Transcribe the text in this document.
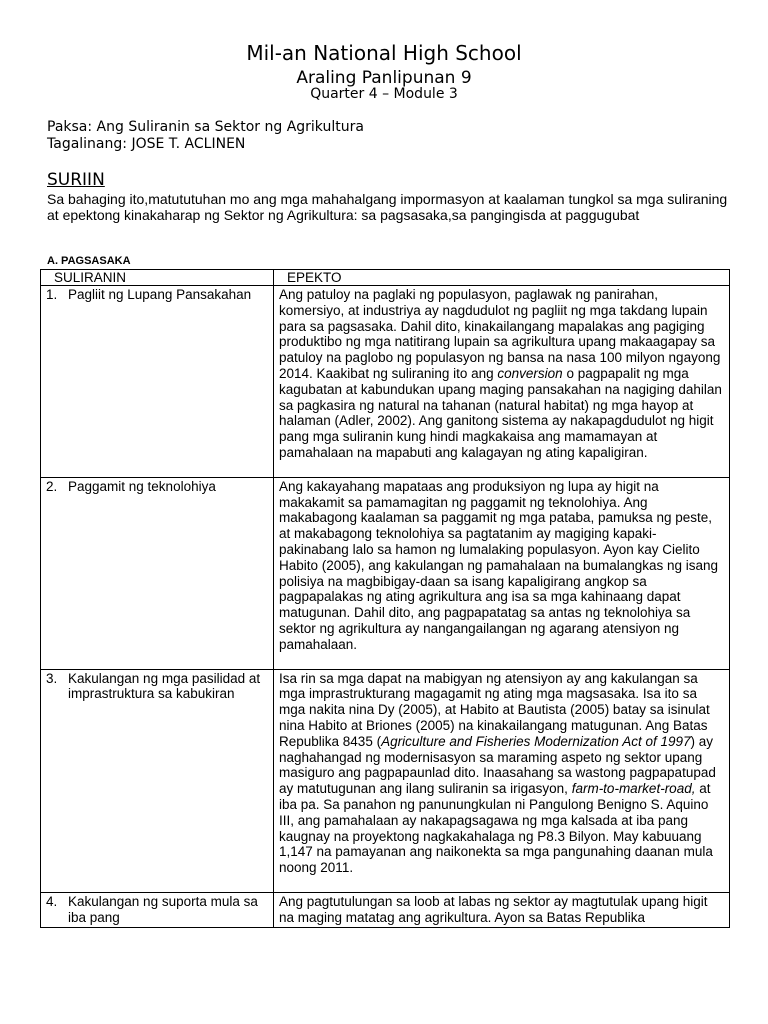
Mil-an National High School
Araling Panlipunan 9
Quarter 4 – Module 3
Paksa: Ang Suliranin sa Sektor ng Agrikultura
Tagalinang: JOSE T. ACLINEN
SURIIN
Sa bahaging ito,matututuhan mo ang mga mahahalgang impormasyon at kaalaman tungkol sa mga suliraning at epektong kinakaharap ng Sektor ng Agrikultura: sa pagsasaka,sa pangingisda at paggugubat
A. PAGSASAKA
SULIRANIN	EPEKTO

1. Pagliit ng Lupang Pansakahan	Ang patuloy na paglaki ng populasyon, paglawak ng panirahan, komersiyo, at industriya ay nagdudulot ng pagliit ng mga takdang lupain para sa pagsasaka. Dahil dito, kinakailangang mapalakas ang pagiging produktibo ng mga natitirang lupain sa agrikultura upang makaagapay sa patuloy na paglobo ng populasyon ng bansa na nasa 100 milyon ngayong 2014. Kaakibat ng suliraning ito ang conversion o pagpapalit ng mga kagubatan at kabundukan upang maging pansakahan na nagiging dahilan sa pagkasira ng natural na tahanan (natural habitat) ng mga hayop at halaman (Adler, 2002). Ang ganitong sistema ay nakapagdudulot ng higit pang mga suliranin kung hindi magkakaisa ang mamamayan at pamahalaan na mapabuti ang kalagayan ng ating kapaligiran.

2. Paggamit ng teknolohiya	Ang kakayahang mapataas ang produksiyon ng lupa ay higit na makakamit sa pamamagitan ng paggamit ng teknolohiya. Ang makabagong kaalaman sa paggamit ng mga pataba, pamuksa ng peste, at makabagong teknolohiya sa pagtatanim ay magiging kapaki-pakinabang lalo sa hamon ng lumalaking populasyon. Ayon kay Cielito Habito (2005), ang kakulangan ng pamahalaan na bumalangkas ng isang polisiya na magbibigay-daan sa isang kapaligirang angkop sa pagpapalakas ng ating agrikultura ang isa sa mga kahinaang dapat matugunan. Dahil dito, ang pagpapatatag sa antas ng teknolohiya sa sektor ng agrikultura ay nangangailangan ng agarang atensiyon ng pamahalaan.

3. Kakulangan ng mga pasilidad at imprastruktura sa kabukiran	Isa rin sa mga dapat na mabigyan ng atensiyon ay ang kakulangan sa mga imprastrukturang magagamit ng ating mga magsasaka. Isa ito sa mga nakita nina Dy (2005), at Habito at Bautista (2005) batay sa isinulat nina Habito at Briones (2005) na kinakailangang matugunan. Ang Batas Republika 8435 (Agriculture and Fisheries Modernization Act of 1997) ay naghahangad ng modernisasyon sa maraming aspeto ng sektor upang masiguro ang pagpapaunlad dito. Inaasahang sa wastong pagpapatupad ay matutugunan ang ilang suliranin sa irigasyon, farm-to-market-road, at iba pa. Sa panahon ng panunungkulan ni Pangulong Benigno S. Aquino III, ang pamahalaan ay nakapagsagawa ng mga kalsada at iba pang kaugnay na proyektong nagkakahalaga ng P8.3 Bilyon. May kabuuang 1,147 na pamayanan ang naikonekta sa mga pangunahing daanan mula noong 2011.

4. Kakulangan ng suporta mula sa iba pang	Ang pagtutulungan sa loob at labas ng sektor ay magtutulak upang higit na maging matatag ang agrikultura. Ayon sa Batas Republika
